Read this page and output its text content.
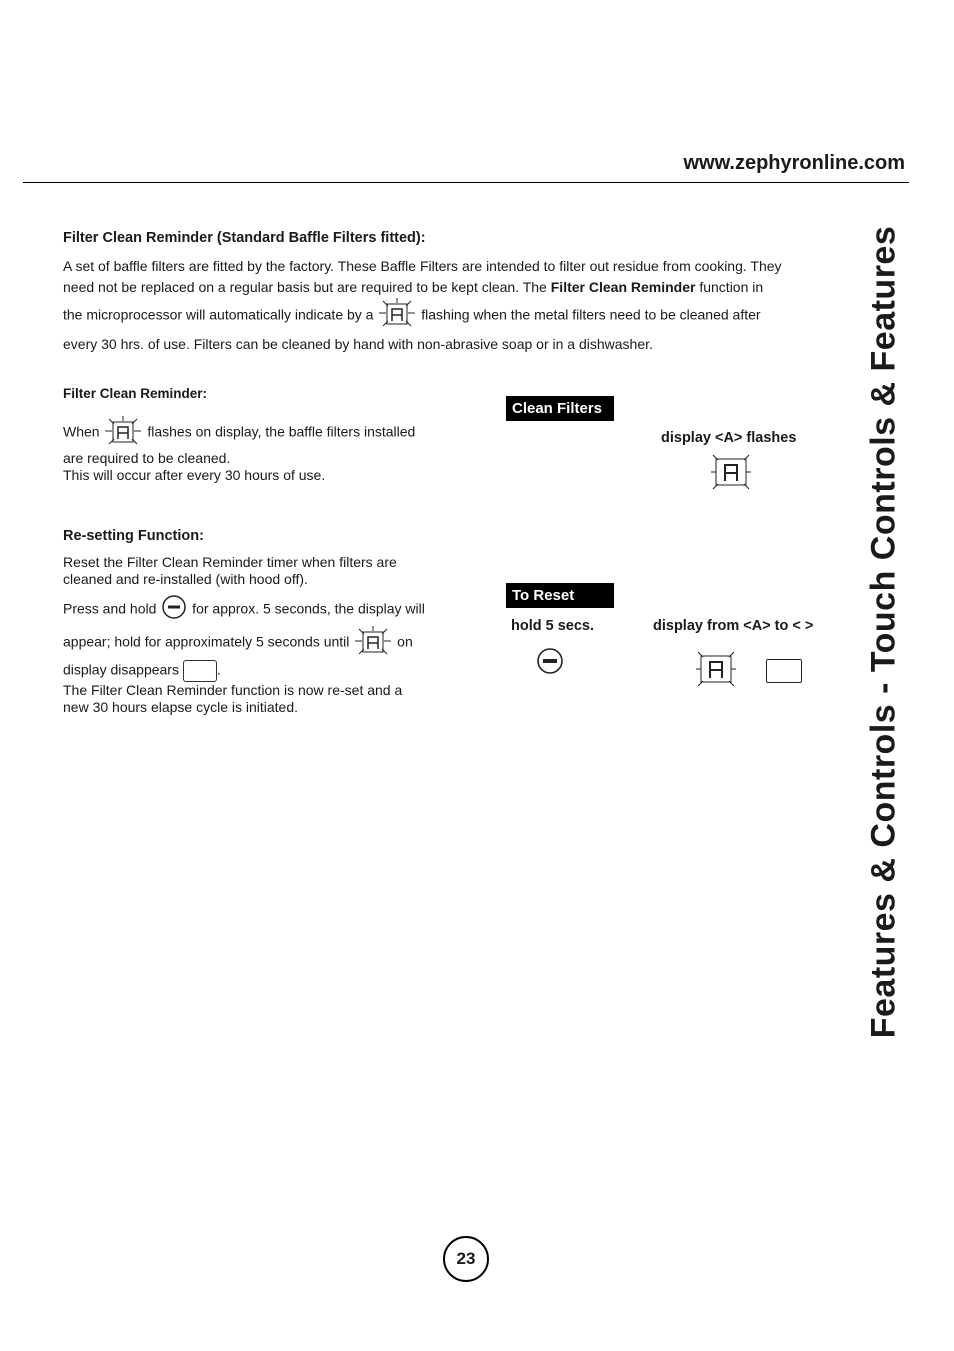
www.zephyronline.com
Features & Controls - Touch Controls & Features
Filter Clean Reminder (Standard Baffle Filters fitted):
A set of baffle filters are fitted by the factory. These Baffle Filters are intended to filter out residue from cooking. They
need not be replaced on a regular basis but are required to be kept clean. The Filter Clean Reminder function in
the microprocessor will automatically indicate by a	flashing when the metal filters need to be cleaned after
every 30 hrs. of use. Filters can be cleaned by hand with non-abrasive soap or in a dishwasher.
Filter Clean Reminder:
When	flashes on display, the baffle filters installed
are required to be cleaned.
This will occur after every 30 hours of use.
Clean Filters
display <A> flashes
Re-setting Function:
Reset the Filter Clean Reminder timer when filters are
cleaned and re-installed (with hood off).
Press and hold  for approx. 5 seconds, the display will
appear; hold for approximately 5 seconds until	on
display disappears .
The Filter Clean Reminder function is now re-set and a
new 30 hours elapse cycle is initiated.
To Reset
hold 5 secs.	display from <A> to < >
23
